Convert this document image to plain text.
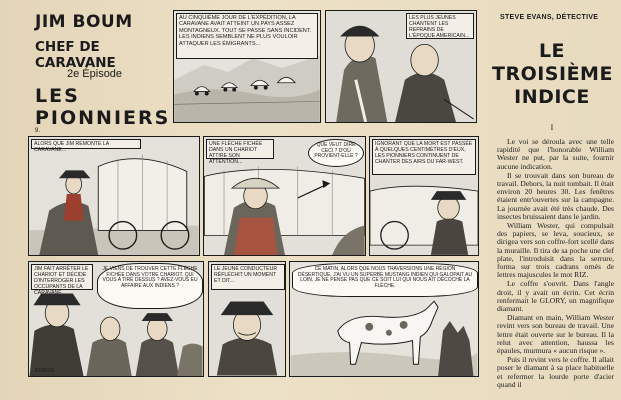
JIM BOUM
CHEF DE CARAVANE
2e Épisode
LES PIONNIERS
9.
AU CINQUIÈME JOUR DE L'EXPÉDITION, LA CARAVANE AVAIT ATTEINT UN PAYS ASSEZ MONTAGNEUX. TOUT SE PASSE SANS INCIDENT. LES INDIENS SEMBLENT NE PLUS VOULOIR ATTAQUER LES ÉMIGRANTS...
LES PLUS JEUNES CHANTENT LES REFRAINS DE L'ÉPOQUE AMERICAIN...
ALORS QUE JIM REMONTE LA CARAVANE...
UNE FLÈCHE FICHÉE DANS UN CHARIOT ATTIRE SON ATTENTION...
QUE VEUT DIRE CECI ? D'OÙ PROVIENT-ELLE ?
IGNORANT QUE LA MORT EST PASSÉE À QUELQUES CENTIMÈTRES D'EUX, LES PIONNIERS CONTINUENT DE CHANTER DES AIRS DU FAR-WEST.
JIM FAIT ARRÊTER LE CHARIOT ET DÉCIDE D'INTERROGER LES OCCUPANTS DE LA CARAVANE...
JE VIENS DE TROUVER CETTE FLÈCHE FICHÉE DANS VOTRE CHARIOT. QUI VOUS A TIRÉ DESSUS ? AVEZ-VOUS EU AFFAIRE AUX INDIENS ?
DUBOIS
LE JEUNE CONDUCTEUR RÉFLÉCHIT UN MOMENT ET DIT...
CE MATIN, ALORS QUE NOUS TRAVERSIONS UNE RÉGION DÉSERTIQUE, J'AI VU UN SUPERBE MUSTANG INDIEN QUI GALOPAIT AU LOIN. JE NE PENSE PAS QUE CE SOIT LUI QUI NOUS AIT DÉCOCHÉ LA FLÈCHE.
STEVE EVANS, DÉTECTIVE
LE TROISIÈME
INDICE
I

Le voi se déroula avec une telle rapidité que l'honorable William Wester ne put, par la suite, fournir aucune indication.

Il se trouvait dans son bureau de travail. Dehors, la nuit tombait. Il était environ 20 heures 30. Les fenêtres étaient entr'ouvertes sur la campagne. La journée avait été très chaude. Des insectes bruissaient dans le jardin.

William Wester, qui compulsait des papiers, se leva, soucieux, se dirigea vers son coffre-fort scellé dans la muraille. Il tira de sa poche une clef plate, l'introduisit dans la serrure, forma sur trois cadrans ornés de lettres majuscules le mot RIZ.

Le coffre s'ouvrit. Dans l'angle droit, il y avait un écrin. Cet écrin renfermait le GLORY, un magnifique diamant.

Diamant en main, William Wester revint vers son bureau de travail. Une lettre était ouverte sur le bureau. Il la relut avec attention, haussa les épaules, murmura « aucun risque ».

Puis il revint vers le coffre. Il allait poser le diamant à sa place habituelle et refermer la lourde porte d'acier quand il
